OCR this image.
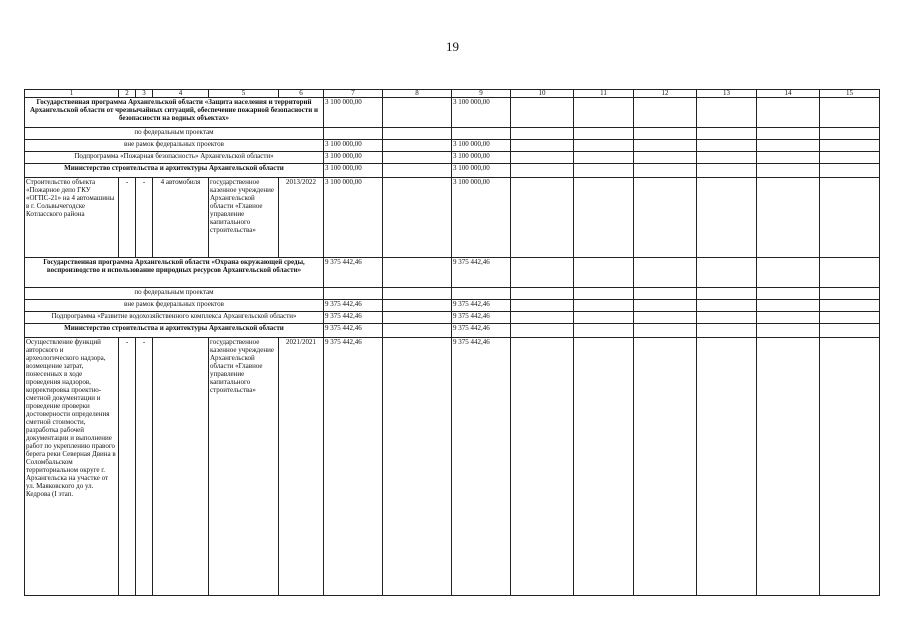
19
1	2	3	4	5	6	7	8	9	10	11	12	13	14	15
Государственная программа Архангельской области «Защита населения и территорий Архангельской области от чрезвычайных ситуаций, обеспечение пожарной безопасности и безопасности на водных объектах»						3 100 000,00		3 100 000,00						
по федеральным проектам														
вне рамок федеральных проектов						3 100 000,00		3 100 000,00						
Подпрограмма «Пожарная безопасность» Архангельской области»						3 100 000,00		3 100 000,00						
Министерство строительства и архитектуры Архангельской области						3 100 000,00		3 100 000,00						
Строительство объекта «Пожарное депо ГКУ «ОГПС-21» на 4 автомашины в г. Сольвычегодске Котласского района	-	-	4 автомобиля	государственное казенное учреждение Архангельской области «Главное управление капитального строительства»	2013/2022	3 100 000,00		3 100 000,00						
Государственная программа Архангельской области «Охрана окружающей среды, воспроизводство и использование природных ресурсов Архангельской области»						9 375 442,46		9 375 442,46						
по федеральным проектам														
вне рамок федеральных проектов						9 375 442,46		9 375 442,46						
Подпрограмма «Развитие водохозяйственного комплекса Архангельской области»						9 375 442,46		9 375 442,46						
Министерство строительства и архитектуры Архангельской области						9 375 442,46		9 375 442,46						
Осуществление функций авторского и археологического надзора, возмещение затрат, понесенных в ходе проведения надзоров, корректировка проектно-сметной документации и проведение проверки достоверности определения сметной стоимости, разработка рабочей документации и выполнение работ по укреплению правого берега реки Северная Двина в Соломбальском территориальном округе г. Архангельска на участке от ул. Маяковского до ул. Кедрова (I этап.	-	-		государственное казенное учреждение Архангельской области «Главное управление капитального строительства»	2021/2021	9 375 442,46		9 375 442,46						
